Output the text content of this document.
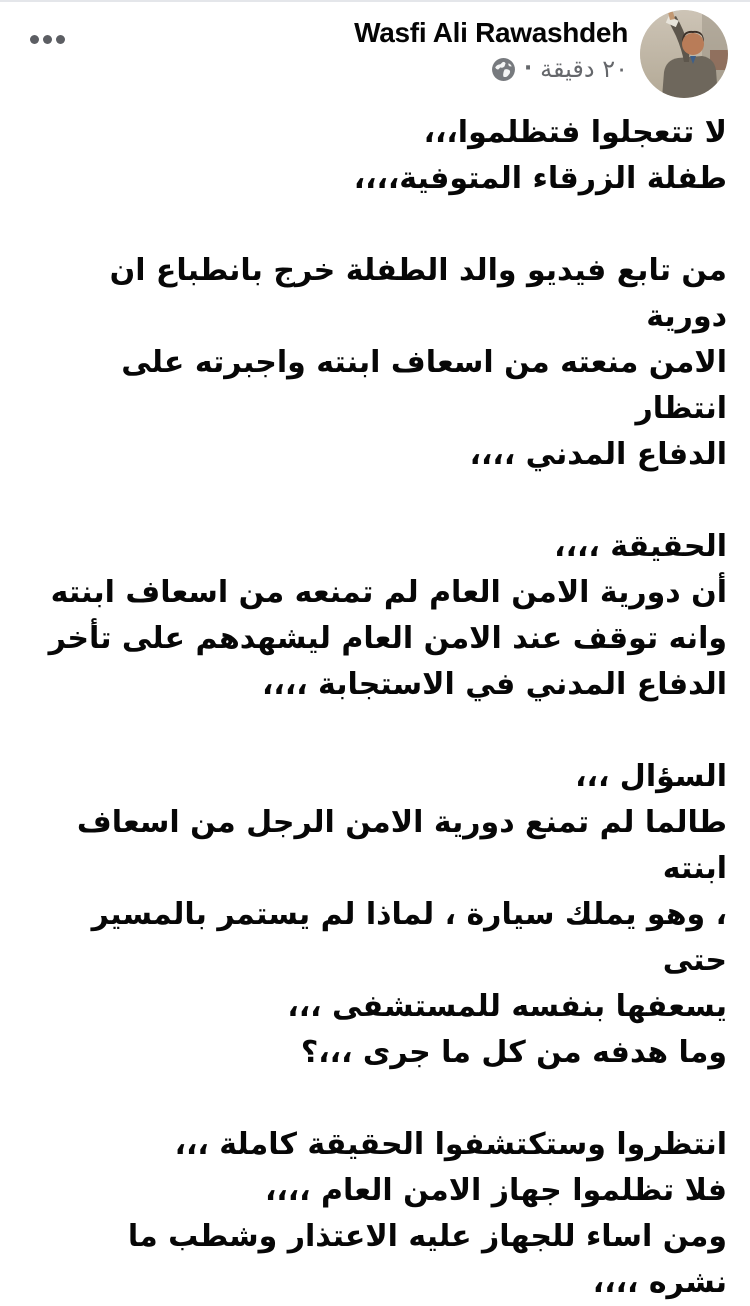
Wasfi Ali Rawashdeh
٢٠ دقيقة
·

لا تتعجلوا فتظلموا،،،
طفلة الزرقاء المتوفية،،،،

من تابع فيديو والد الطفلة خرج بانطباع ان دورية
الامن منعته من اسعاف ابنته واجبرته على انتظار
الدفاع المدني ،،،،

الحقيقة ،،،،
أن دورية الامن العام لم تمنعه من اسعاف ابنته
وانه توقف عند الامن العام ليشهدهم على تأخر
الدفاع المدني في الاستجابة ،،،،

السؤال ،،،
طالما لم تمنع دورية الامن الرجل من اسعاف ابنته
، وهو يملك سيارة ، لماذا لم يستمر بالمسير حتى
يسعفها بنفسه للمستشفى ،،،
وما هدفه من كل ما جرى ،،،؟

انتظروا وستكتشفوا الحقيقة كاملة ،،،
فلا تظلموا جهاز الامن العام ،،،،
ومن اساء للجهاز عليه الاعتذار وشطب ما
نشره ،،،،
